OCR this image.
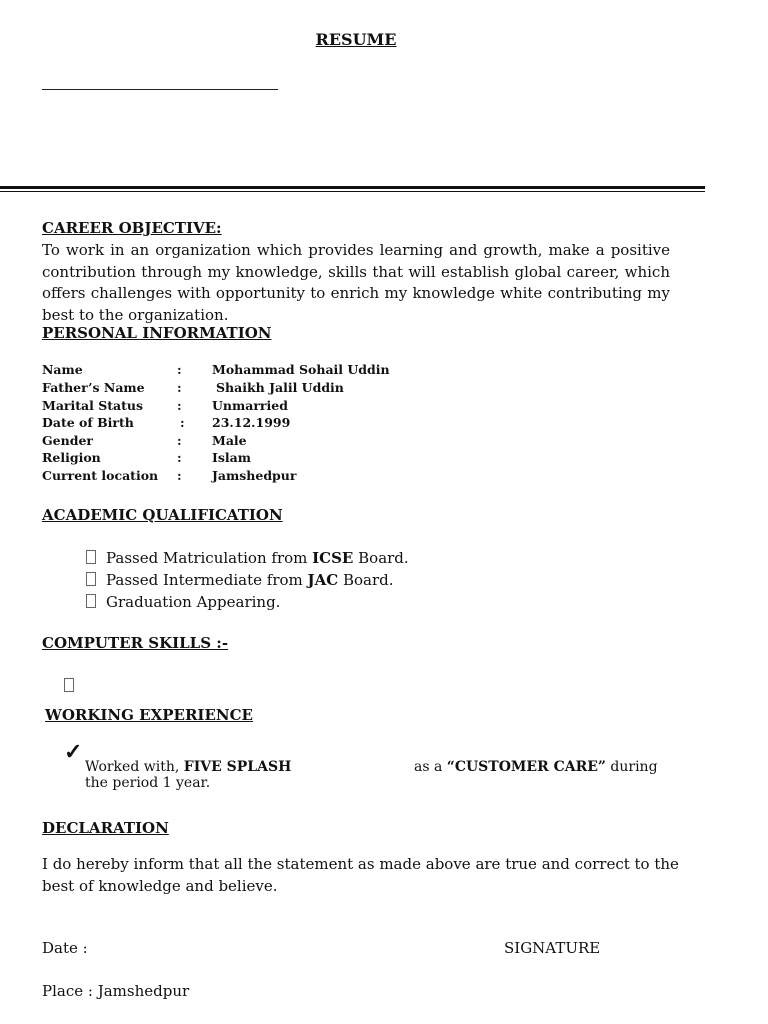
RESUME
CAREER OBJECTIVE:
To work in an organization which provides learning and growth, make a positive contribution through my knowledge, skills that will establish global career, which offers challenges with opportunity to enrich my knowledge white contributing my best to the organization.
PERSONAL INFORMATION
Name	: Mohammad Sohail Uddin
Father’s Name	:	Shaikh Jalil Uddin
Marital Status	: Unmarried
Date of Birth	: 23.12.1999
Gender	: Male
Religion	: Islam
Current location : Jamshedpur
ACADEMIC QUALIFICATION
Passed Matriculation from ICSE Board.
Passed Intermediate from JAC Board.
Graduation Appearing.
COMPUTER SKILLS :-
WORKING EXPERIENCE
✓
Worked with, FIVE SPLASH	as a “CUSTOMER CARE” during
the period 1 year.
DECLARATION
I do hereby inform that all the statement as made above are true and correct to the
best of knowledge and believe.
Date :	SIGNATURE
Place : Jamshedpur
